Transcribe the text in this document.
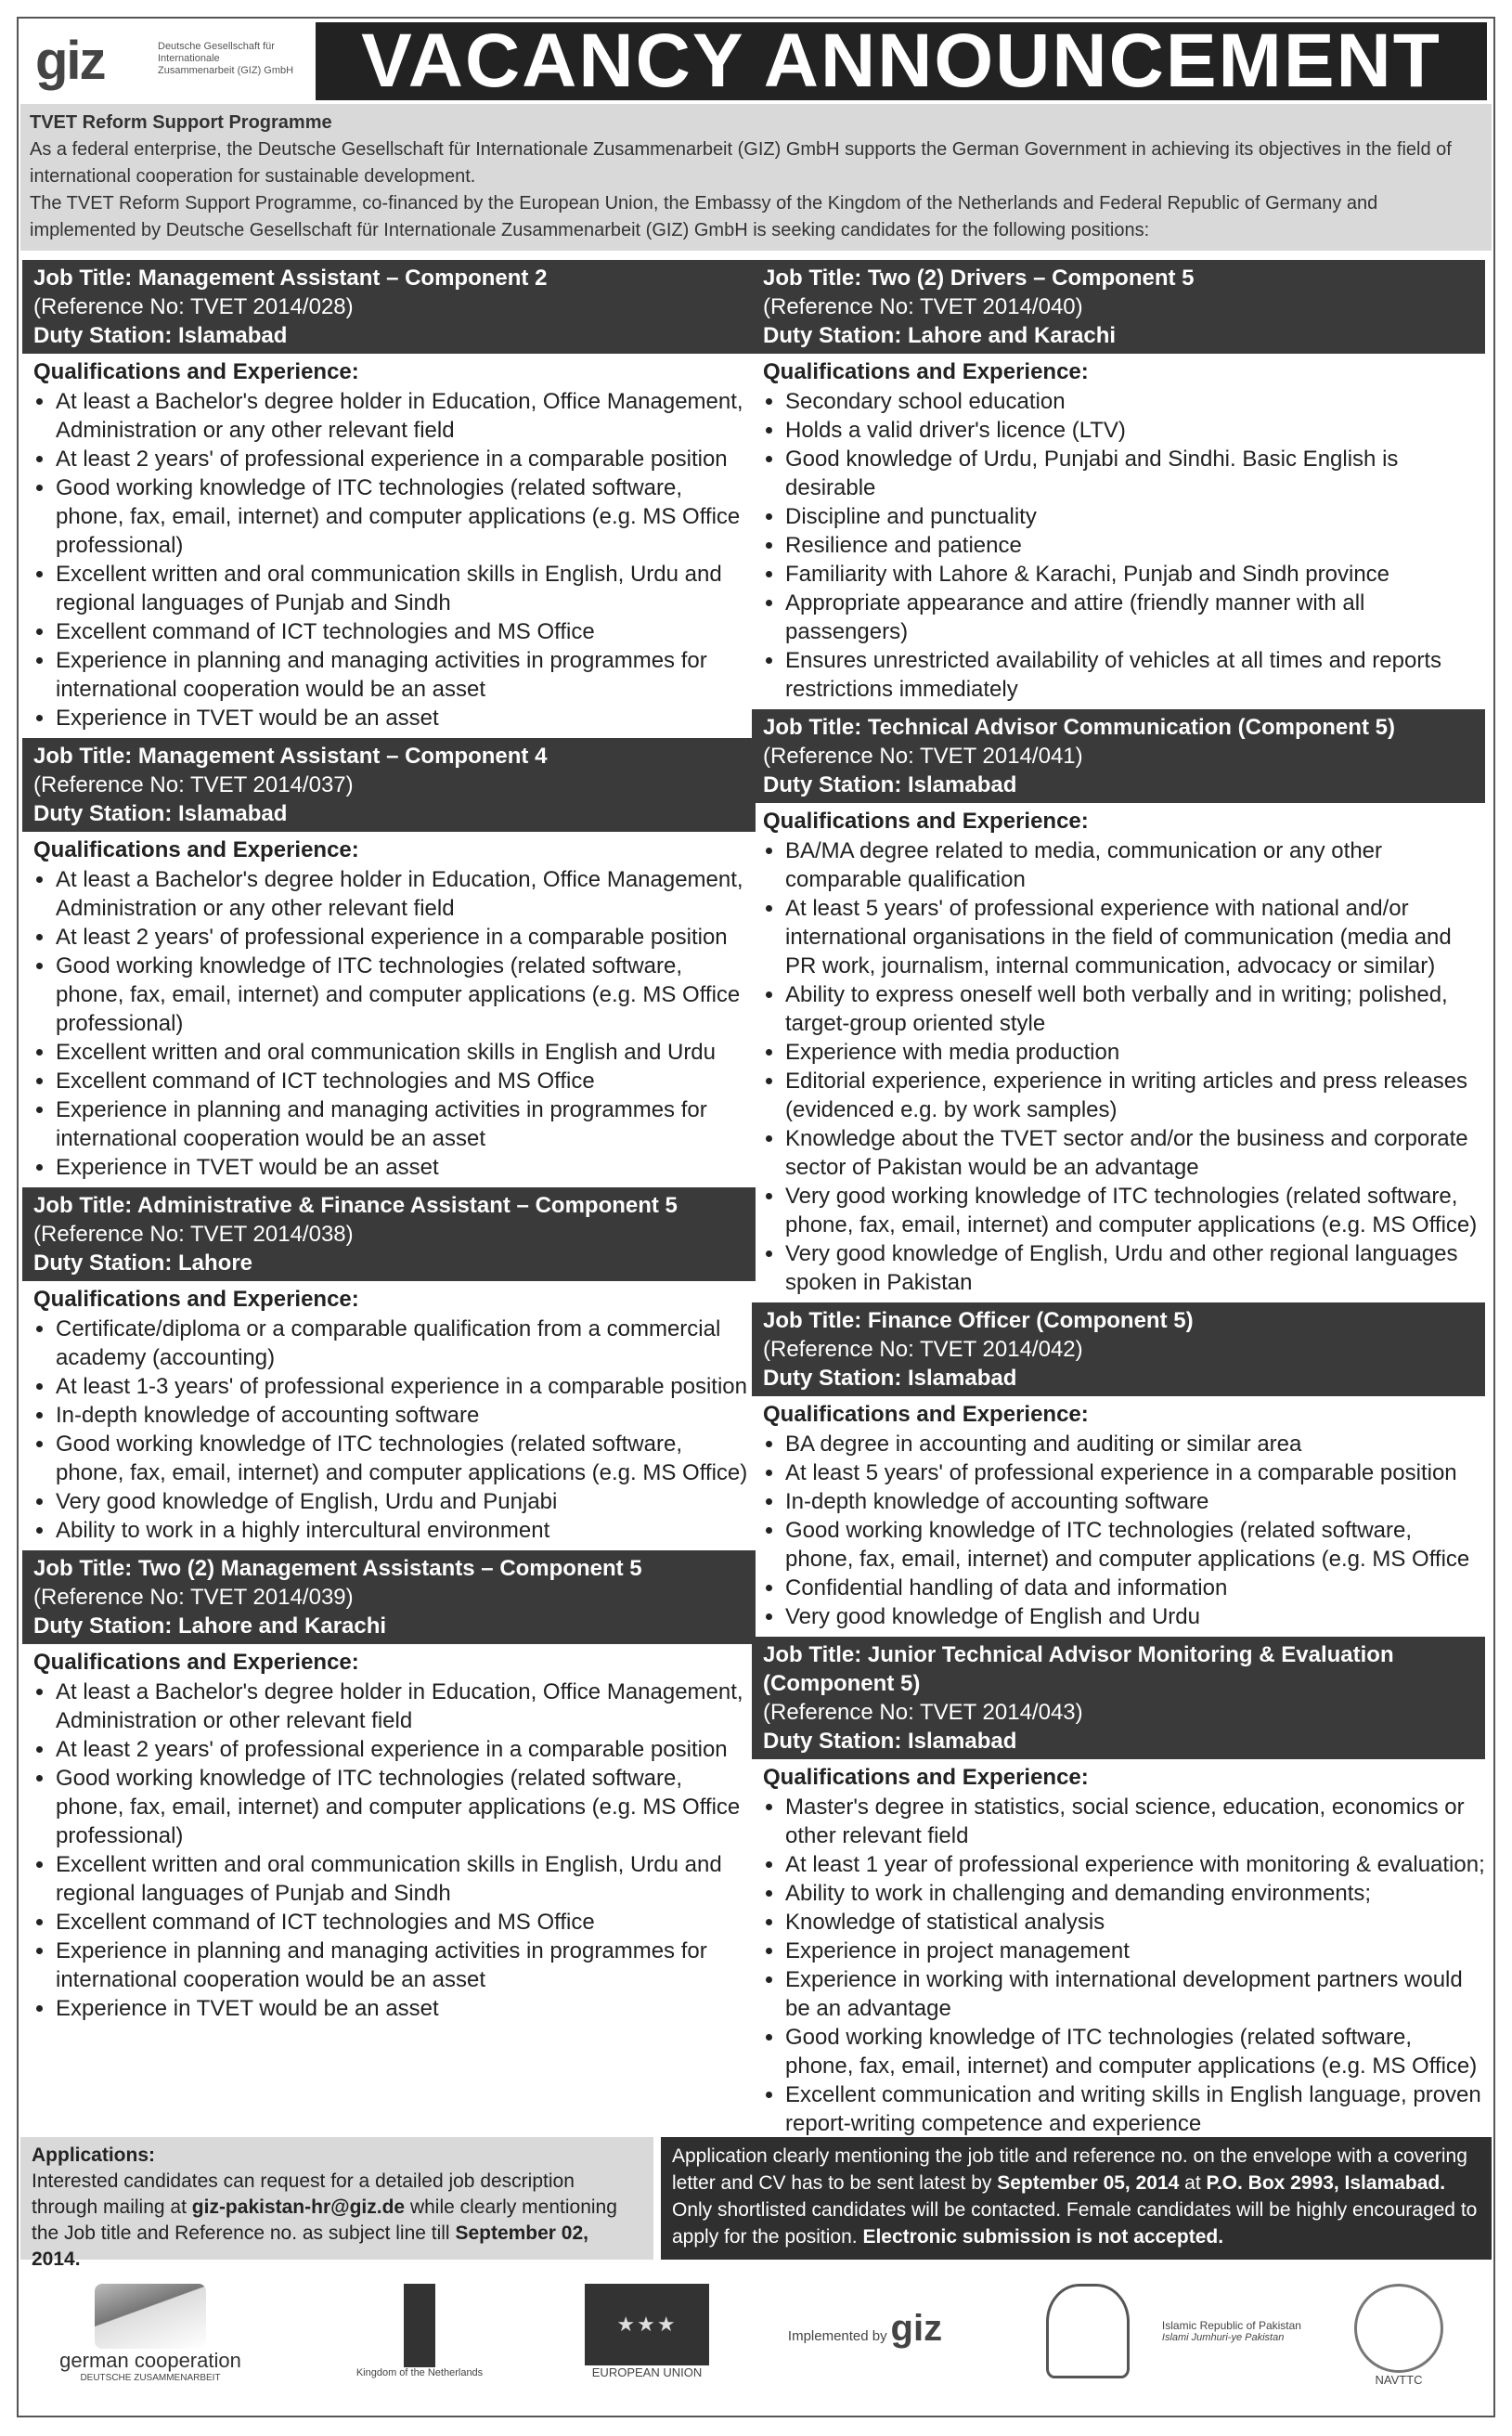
giz	Deutsche Gesellschaft für Internationale Zusammenarbeit (GIZ) GmbH VACANCY ANNOUNCEMENT
TVET Reform Support Programme
As a federal enterprise, the Deutsche Gesellschaft für Internationale Zusammenarbeit (GIZ) GmbH supports the German Government in achieving its objectives in the field of international cooperation for sustainable development.
The TVET Reform Support Programme, co-financed by the European Union, the Embassy of the Kingdom of the Netherlands and Federal Republic of Germany and implemented by Deutsche Gesellschaft für Internationale Zusammenarbeit (GIZ) GmbH is seeking candidates for the following positions:
Job Title: Management Assistant – Component 2
(Reference No: TVET 2014/028)
Duty Station: Islamabad
Qualifications and Experience:
• At least a Bachelor's degree holder in Education, Office Management, Administration or any other relevant field
• At least 2 years' of professional experience in a comparable position
• Good working knowledge of ITC technologies (related software, phone, fax, email, internet) and computer applications (e.g. MS Office professional)
• Excellent written and oral communication skills in English, Urdu and regional languages of Punjab and Sindh
• Excellent command of ICT technologies and MS Office
• Experience in planning and managing activities in programmes for international cooperation would be an asset
• Experience in TVET would be an asset
Job Title: Management Assistant – Component 4
(Reference No: TVET 2014/037)
Duty Station: Islamabad
Qualifications and Experience:
• At least a Bachelor's degree holder in Education, Office Management, Administration or any other relevant field
• At least 2 years' of professional experience in a comparable position
• Good working knowledge of ITC technologies (related software, phone, fax, email, internet) and computer applications (e.g. MS Office professional)
• Excellent written and oral communication skills in English and Urdu
• Excellent command of ICT technologies and MS Office
• Experience in planning and managing activities in programmes for international cooperation would be an asset
• Experience in TVET would be an asset
Job Title: Administrative & Finance Assistant – Component 5
(Reference No: TVET 2014/038)
Duty Station: Lahore
Qualifications and Experience:
• Certificate/diploma or a comparable qualification from a commercial academy (accounting)
• At least 1-3 years' of professional experience in a comparable position
• In-depth knowledge of accounting software
• Good working knowledge of ITC technologies (related software, phone, fax, email, internet) and computer applications (e.g. MS Office)
• Very good knowledge of English, Urdu and Punjabi
• Ability to work in a highly intercultural environment
Job Title: Two (2) Management Assistants – Component 5
(Reference No: TVET 2014/039)
Duty Station: Lahore and Karachi
Qualifications and Experience:
• At least a Bachelor's degree holder in Education, Office Management, Administration or other relevant field
• At least 2 years' of professional experience in a comparable position
• Good working knowledge of ITC technologies (related software, phone, fax, email, internet) and computer applications (e.g. MS Office professional)
• Excellent written and oral communication skills in English, Urdu and regional languages of Punjab and Sindh
• Excellent command of ICT technologies and MS Office
• Experience in planning and managing activities in programmes for international cooperation would be an asset
• Experience in TVET would be an asset
Job Title: Two (2) Drivers – Component 5
(Reference No: TVET 2014/040)
Duty Station: Lahore and Karachi
Qualifications and Experience:
• Secondary school education
• Holds a valid driver's licence (LTV)
• Good knowledge of Urdu, Punjabi and Sindhi. Basic English is desirable
• Discipline and punctuality
• Resilience and patience
• Familiarity with Lahore & Karachi, Punjab and Sindh province
• Appropriate appearance and attire (friendly manner with all passengers)
• Ensures unrestricted availability of vehicles at all times and reports restrictions immediately
Job Title: Technical Advisor Communication (Component 5)
(Reference No: TVET 2014/041)
Duty Station: Islamabad
Qualifications and Experience:
• BA/MA degree related to media, communication or any other comparable qualification
• At least 5 years' of professional experience with national and/or international organisations in the field of communication (media and PR work, journalism, internal communication, advocacy or similar)
• Ability to express oneself well both verbally and in writing; polished, target-group oriented style
• Experience with media production
• Editorial experience, experience in writing articles and press releases (evidenced e.g. by work samples)
• Knowledge about the TVET sector and/or the business and corporate sector of Pakistan would be an advantage
• Very good working knowledge of ITC technologies (related software, phone, fax, email, internet) and computer applications (e.g. MS Office)
• Very good knowledge of English, Urdu and other regional languages spoken in Pakistan
Job Title: Finance Officer (Component 5)
(Reference No: TVET 2014/042)
Duty Station: Islamabad
Qualifications and Experience:
• BA degree in accounting and auditing or similar area
• At least 5 years' of professional experience in a comparable position
• In-depth knowledge of accounting software
• Good working knowledge of ITC technologies (related software, phone, fax, email, internet) and computer applications (e.g. MS Office
• Confidential handling of data and information
• Very good knowledge of English and Urdu
Job Title: Junior Technical Advisor Monitoring & Evaluation (Component 5)
(Reference No: TVET 2014/043)
Duty Station: Islamabad
Qualifications and Experience:
• Master's degree in statistics, social science, education, economics or other relevant field
• At least 1 year of professional experience with monitoring & evaluation;
• Ability to work in challenging and demanding environments;
• Knowledge of statistical analysis
• Experience in project management
• Experience in working with international development partners would be an advantage
• Good working knowledge of ITC technologies (related software, phone, fax, email, internet) and computer applications (e.g. MS Office)
• Excellent communication and writing skills in English language, proven report-writing competence and experience
Applications:
Interested candidates can request for a detailed job description through mailing at giz-pakistan-hr@giz.de while clearly mentioning the Job title and Reference no. as subject line till September 02, 2014.
Application clearly mentioning the job title and reference no. on the envelope with a covering letter and CV has to be sent latest by September 05, 2014 at P.O. Box 2993, Islamabad. Only shortlisted candidates will be contacted. Female candidates will be highly encouraged to apply for the position. Electronic submission is not accepted.
german cooperation
DEUTSCHE ZUSAMMENARBEIT	Kingdom of the Netherlands
★★★
EUROPEAN UNION
Implemented by giz	Islamic Republic of Pakistan
Islami Jumhuri-ye Pakistan
NAVTTC
